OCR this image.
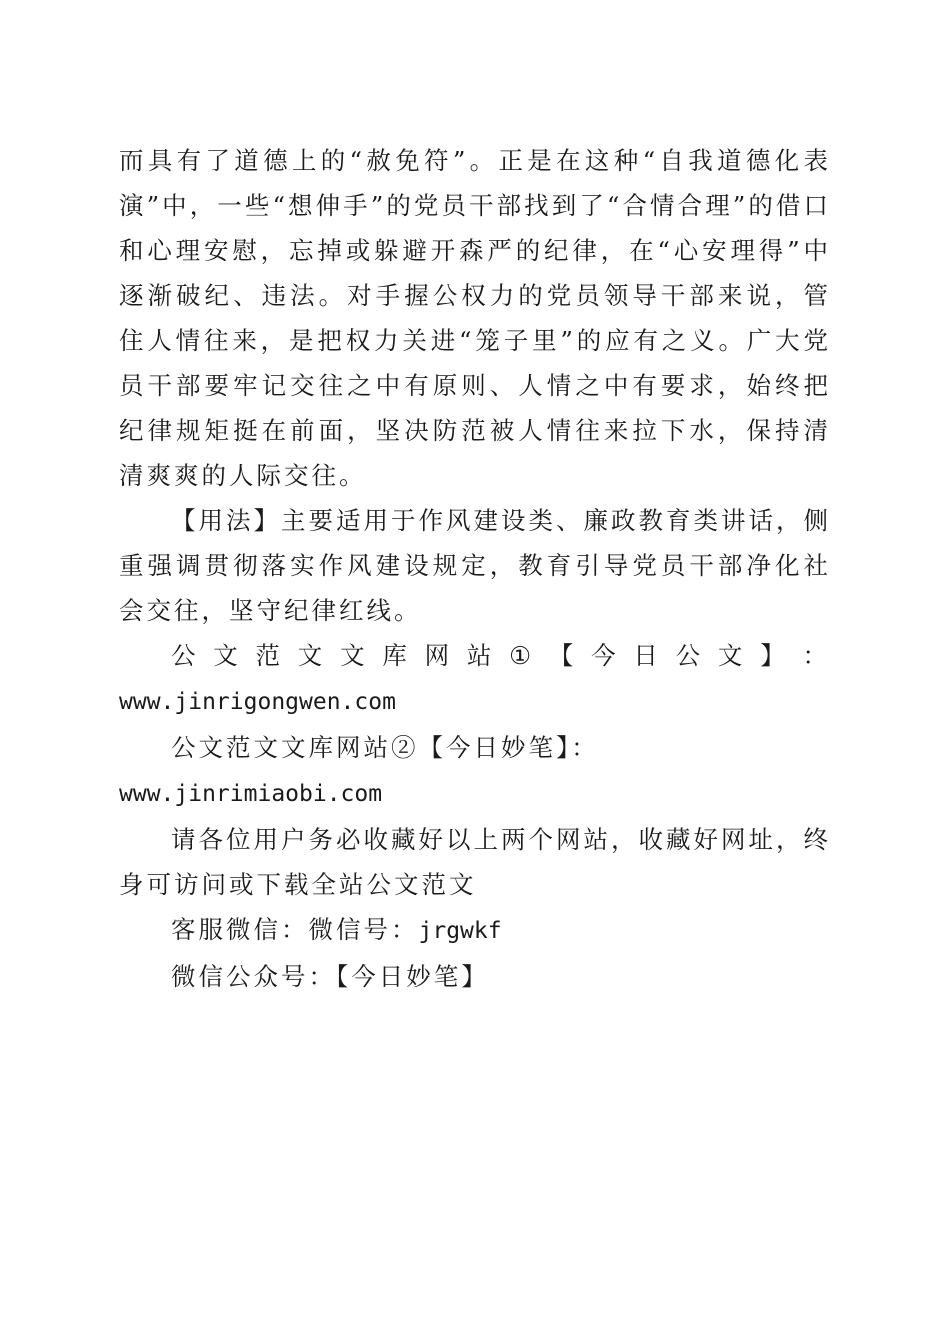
而具有了道德上的“赦免符”。正是在这种“自我道德化表演”中，一些“想伸手”的党员干部找到了“合情合理”的借口和心理安慰，忘掉或躲避开森严的纪律，在“心安理得”中逐渐破纪、违法。对手握公权力的党员领导干部来说，管住人情往来，是把权力关进“笼子里”的应有之义。广大党员干部要牢记交往之中有原则、人情之中有要求，始终把纪律规矩挺在前面，坚决防范被人情往来拉下水，保持清清爽爽的人际交往。

【用法】主要适用于作风建设类、廉政教育类讲话，侧重强调贯彻落实作风建设规定，教育引导党员干部净化社会交往，坚守纪律红线。

公 文 范 文 文 库 网 站 ① 【 今 日 公 文 】 ：

www.jinrigongwen.com

公文范文文库网站②【今日妙笔】：www.jinrimiaobi.com

请各位用户务必收藏好以上两个网站，收藏好网址，终身可访问或下载全站公文范文

客服微信：微信号：jrgwkf

微信公众号：【今日妙笔】
